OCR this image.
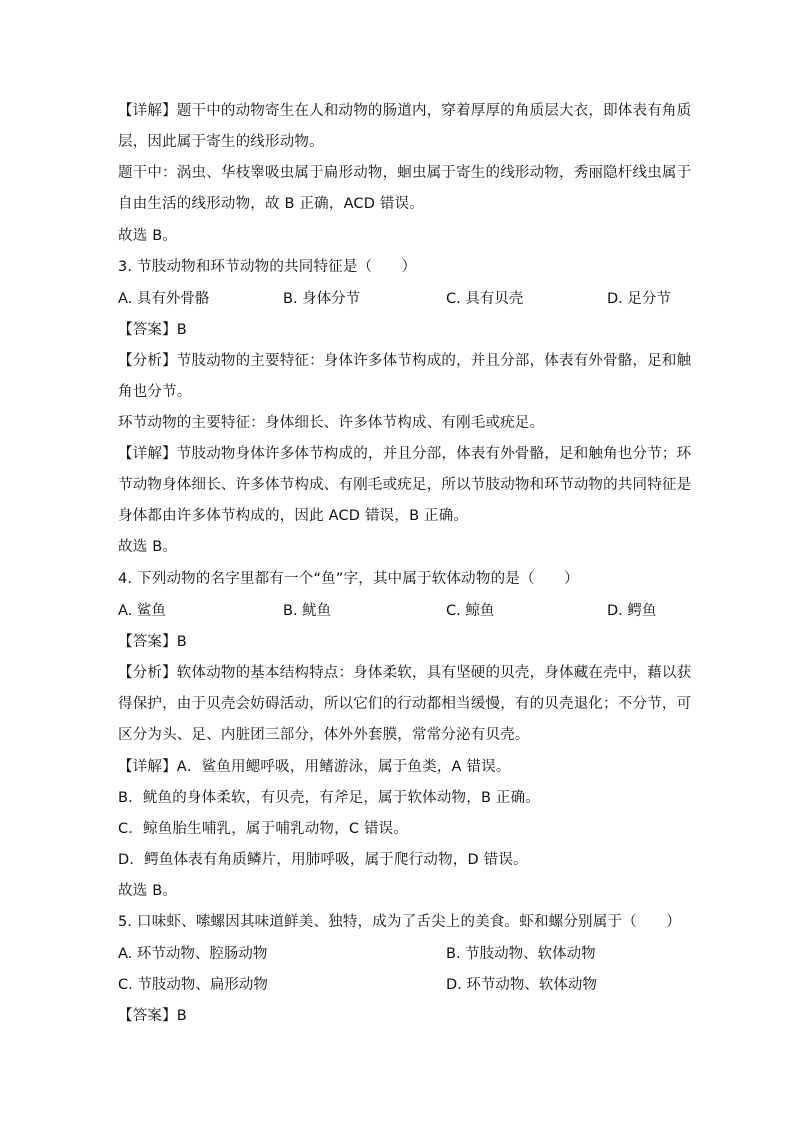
【详解】题干中的动物寄生在人和动物的肠道内，穿着厚厚的角质层大衣，即体表有角质
层，因此属于寄生的线形动物。
题干中：涡虫、华枝睾吸虫属于扁形动物，蛔虫属于寄生的线形动物，秀丽隐杆线虫属于
自由生活的线形动物，故 B 正确，ACD 错误。
故选 B。
3. 节肢动物和环节动物的共同特征是（　　）
A. 具有外骨骼	B. 身体分节	C. 具有贝壳	D. 足分节
【答案】B
【分析】节肢动物的主要特征：身体许多体节构成的，并且分部，体表有外骨骼，足和触
角也分节。
环节动物的主要特征：身体细长、许多体节构成、有刚毛或疣足。
【详解】节肢动物身体许多体节构成的，并且分部，体表有外骨骼，足和触角也分节；环
节动物身体细长、许多体节构成、有刚毛或疣足，所以节肢动物和环节动物的共同特征是
身体都由许多体节构成的，因此 ACD 错误，B 正确。
故选 B。
4. 下列动物的名字里都有一个“鱼”字，其中属于软体动物的是（　　）
A. 鲨鱼	B. 鱿鱼	C. 鲸鱼	D. 鳄鱼
【答案】B
【分析】软体动物的基本结构特点：身体柔软，具有坚硬的贝壳，身体藏在壳中，藉以获
得保护，由于贝壳会妨碍活动，所以它们的行动都相当缓慢，有的贝壳退化；不分节，可
区分为头、足、内脏团三部分，体外外套膜，常常分泌有贝壳。
【详解】A．鲨鱼用鳃呼吸，用鳍游泳，属于鱼类，A 错误。
B．鱿鱼的身体柔软，有贝壳，有斧足，属于软体动物，B 正确。
C．鲸鱼胎生哺乳，属于哺乳动物，C 错误。
D．鳄鱼体表有角质鳞片，用肺呼吸，属于爬行动物，D 错误。
故选 B。
5. 口味虾、嗦螺因其味道鲜美、独特，成为了舌尖上的美食。虾和螺分别属于（　　）
A. 环节动物、腔肠动物	B. 节肢动物、软体动物
C. 节肢动物、扁形动物	D. 环节动物、软体动物
【答案】B
